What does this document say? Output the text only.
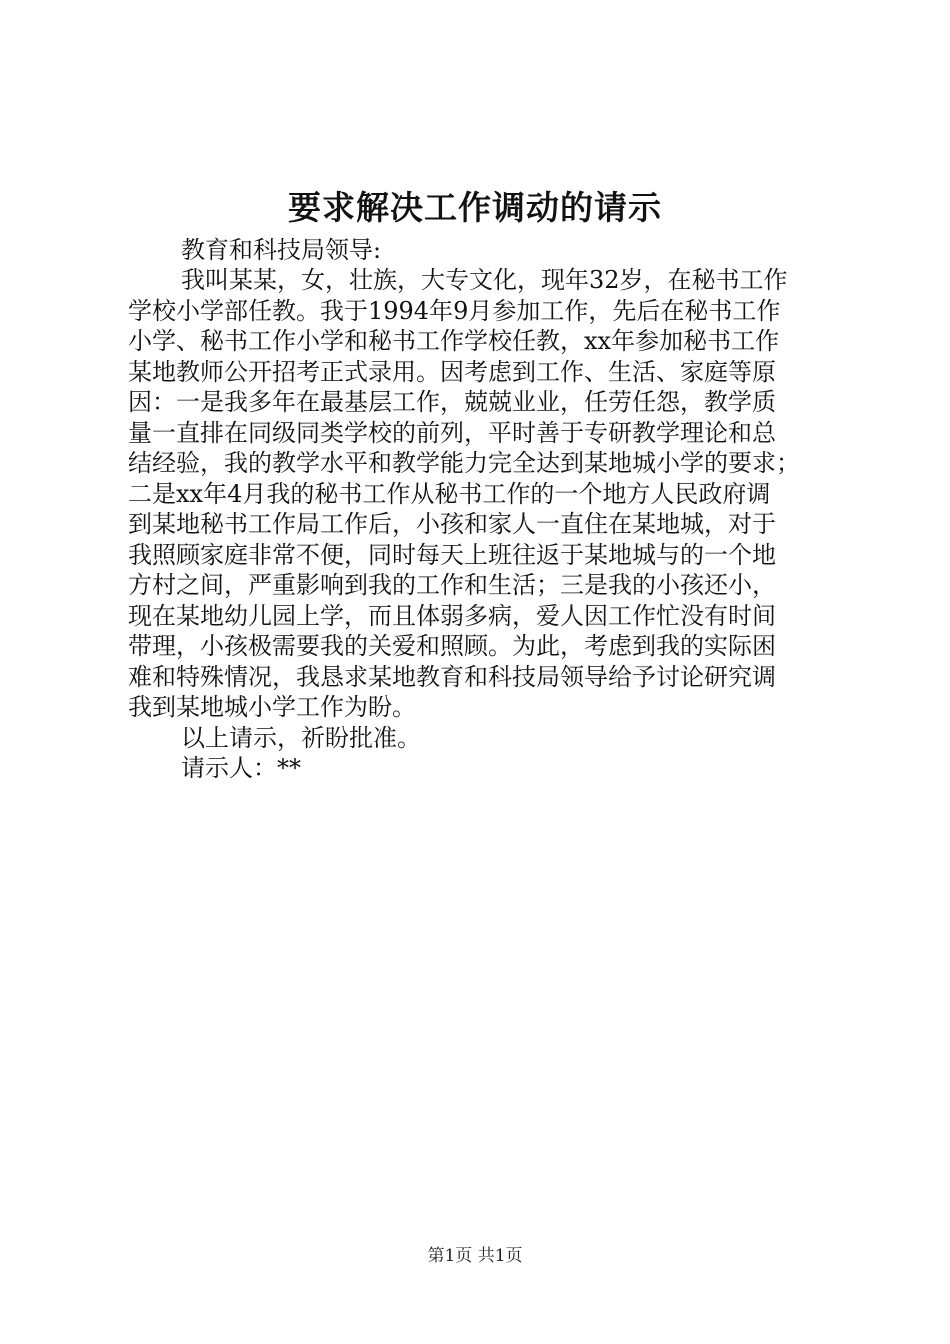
要求解决工作调动的请示

教育和科技局领导:

我叫某某，女，壮族，大专文化，现年32岁，在秘书工作

学校小学部任教。我于1994年9月参加工作，先后在秘书工作

小学、秘书工作小学和秘书工作学校任教，xx年参加秘书工作

某地教师公开招考正式录用。因考虑到工作、生活、家庭等原

因：一是我多年在最基层工作，兢兢业业，任劳任怨，教学质

量一直排在同级同类学校的前列，平时善于专研教学理论和总

结经验，我的教学水平和教学能力完全达到某地城小学的要求；

二是xx年4月我的秘书工作从秘书工作的一个地方人民政府调

到某地秘书工作局工作后，小孩和家人一直住在某地城，对于

我照顾家庭非常不便，同时每天上班往返于某地城与的一个地

方村之间，严重影响到我的工作和生活；三是我的小孩还小，

现在某地幼儿园上学，而且体弱多病，爱人因工作忙没有时间

带理，小孩极需要我的关爱和照顾。为此，考虑到我的实际困

难和特殊情况，我恳求某地教育和科技局领导给予讨论研究调

我到某地城小学工作为盼。

以上请示，祈盼批准。

请示人：**

第1页 共1页
